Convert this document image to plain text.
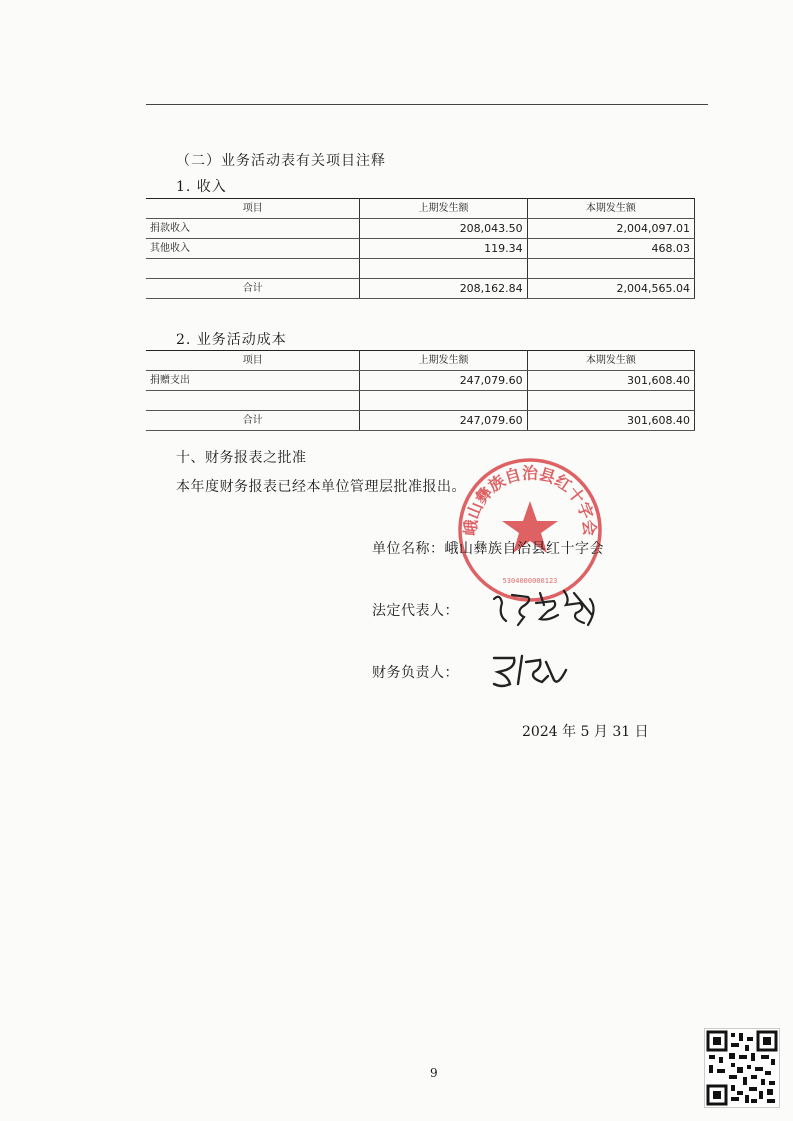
（二）业务活动表有关项目注释
1. 收入
项目	上期发生额	本期发生额
捐款收入	208,043.50	2,004,097.01
其他收入	119.34	468.03

合计	208,162.84	2,004,565.04
2. 业务活动成本
项目	上期发生额	本期发生额
捐赠支出	247,079.60	301,608.40

合计	247,079.60	301,608.40
十、财务报表之批准
本年度财务报表已经本单位管理层批准报出。
峨山彝族自治县红十字会
5304000000123
单位名称：峨山彝族自治县红十字会
法定代表人：
财务负责人：
2024 年 5 月 31 日
9
